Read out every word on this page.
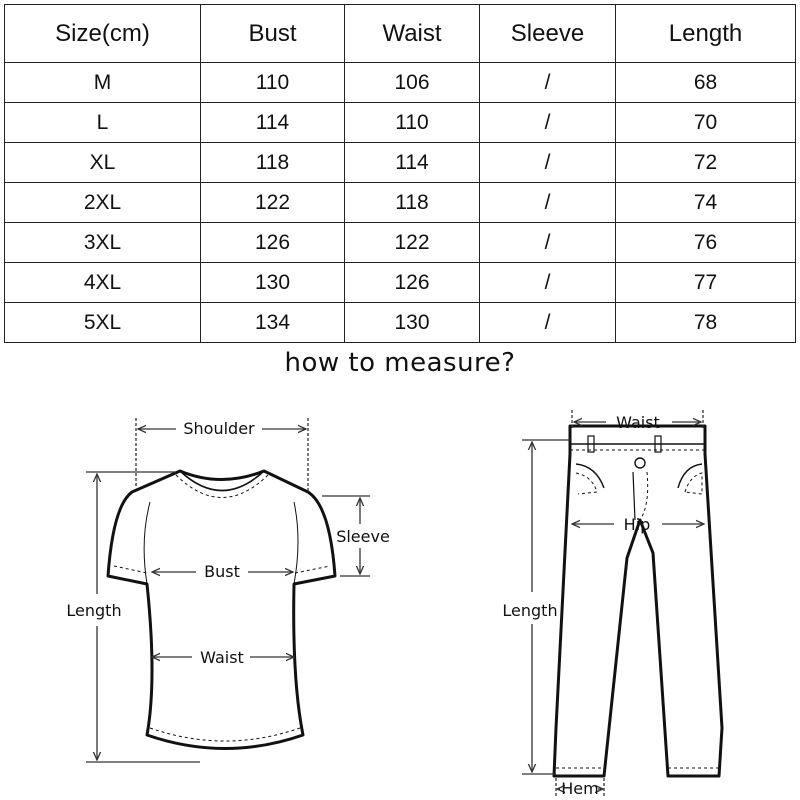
Size(cm)	Bust	Waist	Sleeve	Length
M	110	106	/	68
L	114	110	/	70
XL	118	114	/	72
2XL	122	118	/	74
3XL	126	122	/	76
4XL	130	126	/	77
5XL	134	130	/	78
how to measure?
Shoulder
Sleeve
Bust
Length
Waist
Waist
Hip
Length
Hem
